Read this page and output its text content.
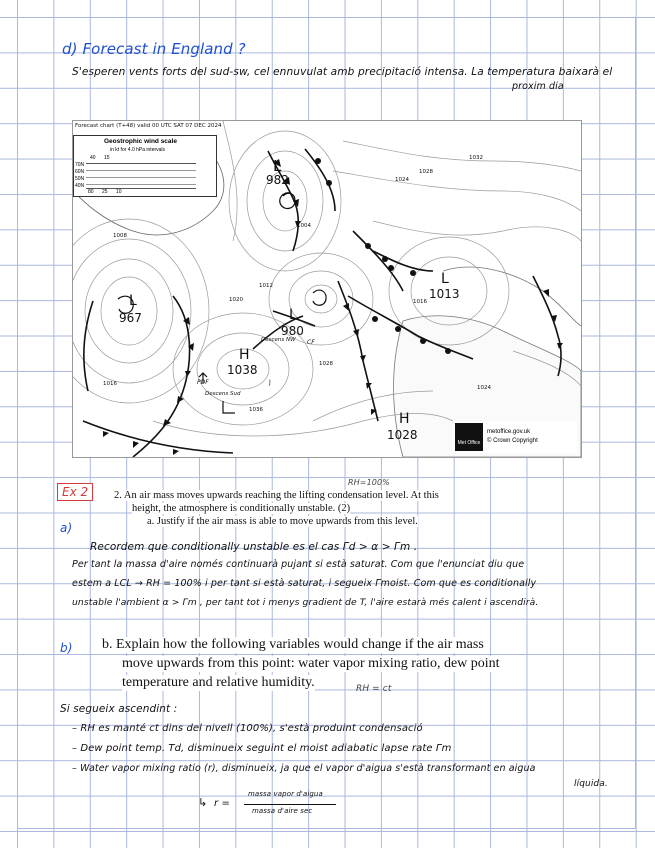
d) Forecast in England ?
S'esperen vents forts del sud-sw, cel ennuvulat amb precipitació intensa. La temperatura baixarà el
proxim dia
Forecast chart (T+48) valid 00 UTC SAT 07 DEC 2024
Geostrophic wind scale
in kt for 4.0 hPa intervals
40 15
70N
60N
50N
40N
80 25 10
L
982
L
967	L
980
L
1013
H
1038
H
1028
1032
1028
1024
1020	1016
1012
1008
1004
1036
1028
1024
1016	PDF
CF
J
Descens NW
Descens Sud
Met Office
metoffice.gov.uk
© Crown Copyright
Ex 2
RH=100%
2. An air mass moves upwards reaching the lifting condensation level. At this
height, the atmosphere is conditionally unstable. (2)
a. Justify if the air mass is able to move upwards from this level.
a)
Recordem que conditionally unstable es el cas Γd > α > Γm .
Per tant la massa d'aire només continuarà pujant si està saturat. Com que l'enunciat diu que
estem a LCL → RH = 100% i per tant si està saturat, i segueix Γmoist. Com que es conditionally
unstable l'ambient α > Γm , per tant tot i menys gradient de T, l'aire estarà més calent i ascendirà.
b) b. Explain how the following variables would change if the air mass
move upwards from this point: water vapor mixing ratio, dew point
temperature and relative humidity.	RH = ct
Si segueix ascendint :
– RH es manté ct dins del nivell (100%), s'està produint condensació
– Dew point temp. Td, disminueix seguint el moist adiabatic lapse rate Γm
– Water vapor mixing ratio (r), disminueix, ja que el vapor d'aigua s'està transformant en aigua
líquida.
↳ r =
massa vapor d'aigua
massa d'aire sec
